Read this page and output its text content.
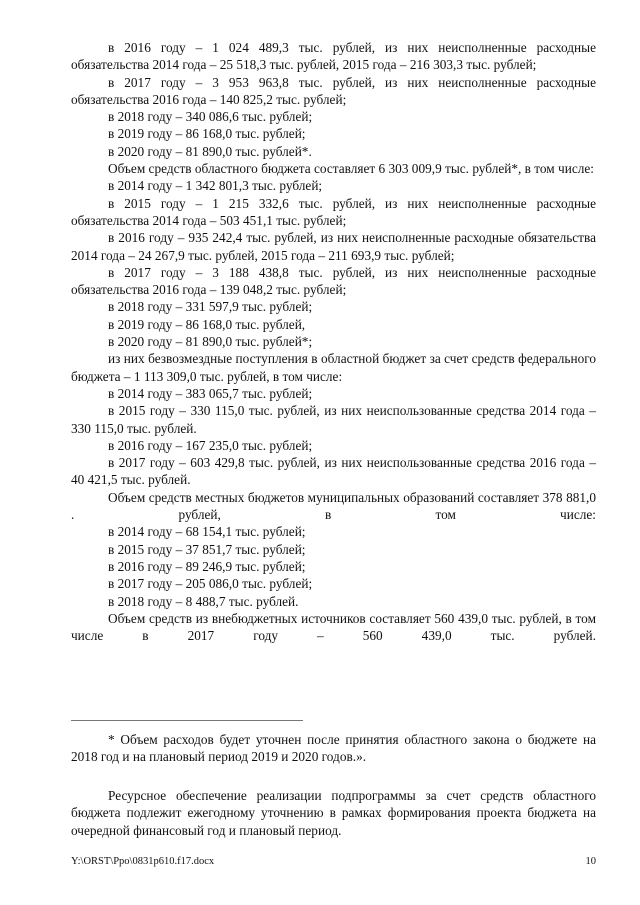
в 2016 году – 1 024 489,3 тыс. рублей, из них неисполненные расходные обязательства 2014 года – 25 518,3 тыс. рублей, 2015 года – 216 303,3 тыс. рублей;

в 2017 году – 3 953 963,8 тыс. рублей, из них неисполненные расходные обязательства 2016 года – 140 825,2 тыс. рублей;

в 2018 году – 340 086,6 тыс. рублей;

в 2019 году – 86 168,0 тыс. рублей;

в 2020 году – 81 890,0 тыс. рублей*.

Объем средств областного бюджета составляет 6 303 009,9 тыс. рублей*, в том числе:

в 2014 году – 1 342 801,3 тыс. рублей;

в 2015 году – 1 215 332,6 тыс. рублей, из них неисполненные расходные обязательства 2014 года – 503 451,1 тыс. рублей;

в 2016 году – 935 242,4 тыс. рублей, из них неисполненные расходные обязательства 2014 года – 24 267,9 тыс. рублей, 2015 года – 211 693,9 тыс. рублей;

в 2017 году – 3 188 438,8 тыс. рублей, из них неисполненные расходные обязательства 2016 года – 139 048,2 тыс. рублей;

в 2018 году – 331 597,9 тыс. рублей;

в 2019 году – 86 168,0 тыс. рублей,

в 2020 году – 81 890,0 тыс. рублей*;

из них безвозмездные поступления в областной бюджет за счет средств федерального бюджета – 1 113 309,0 тыс. рублей, в том числе:

в 2014 году – 383 065,7 тыс. рублей;

в 2015 году – 330 115,0 тыс. рублей, из них неиспользованные средства 2014 года – 330 115,0 тыс. рублей.

в 2016 году – 167 235,0 тыс. рублей;

в 2017 году – 603 429,8 тыс. рублей, из них неиспользованные средства 2016 года – 40 421,5 тыс. рублей.

Объем средств местных бюджетов муниципальных образований составляет 378 881,0 . рублей, в том числе:

в 2014 году – 68 154,1 тыс. рублей;

в 2015 году – 37 851,7 тыс. рублей;

в 2016 году – 89 246,9 тыс. рублей;

в 2017 году – 205 086,0 тыс. рублей;

в 2018 году – 8 488,7 тыс. рублей.

Объем средств из внебюджетных источников составляет 560 439,0 тыс. рублей, в том числе в 2017 году – 560 439,0 тыс. рублей.

* Объем расходов будет уточнен после принятия областного закона о бюджете на 2018 год и на плановый период 2019 и 2020 годов.».

Ресурсное обеспечение реализации подпрограммы за счет средств областного бюджета подлежит ежегодному уточнению в рамках формирования проекта бюджета на очередной финансовый год и плановый период.

Y:\ORST\Ppo\0831p610.f17.docx	10
